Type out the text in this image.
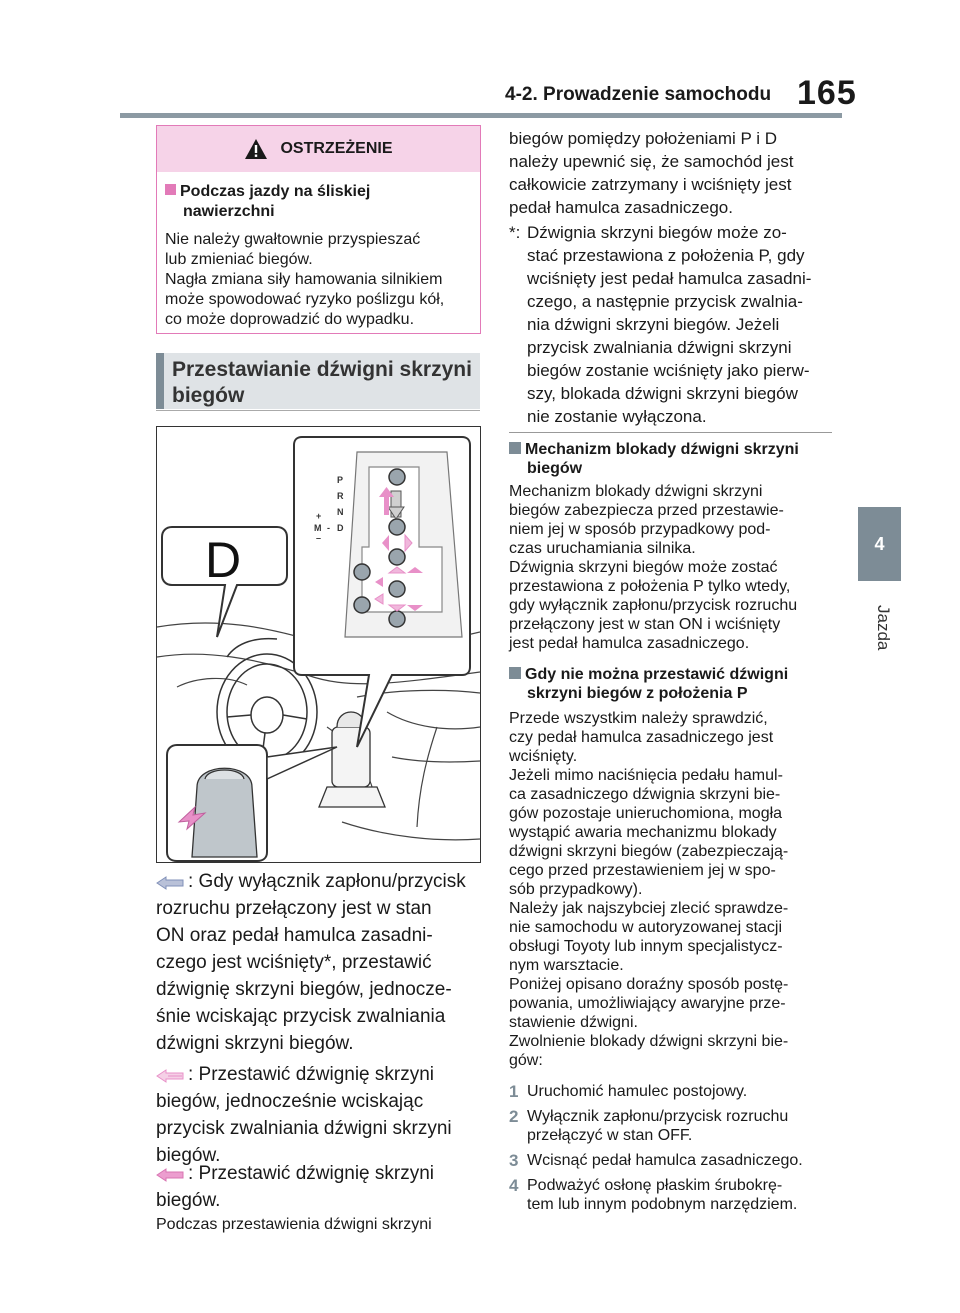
4-2. Prowadzenie samochodu 165
4
Jazda
OSTRZEŻENIE
Podczas jazdy na śliskiej

nawierzchni
Nie należy gwałtownie przyspieszać
lub zmieniać biegów.
Nagła zmiana siły hamowania silnikiem
może spowodować ryzyko poślizgu kół,
co może doprowadzić do wypadku.
Przestawianie dźwigni skrzyni
biegów
D
P
R
N
D
+
M -
–
: Gdy wyłącznik zapłonu/przycisk
rozruchu przełączony jest w stan
ON oraz pedał hamulca zasadni-
czego jest wciśnięty*, przestawić
dźwignię skrzyni biegów, jednocze-
śnie wciskając przycisk zwalniania
dźwigni skrzyni biegów.
: Przestawić dźwignię skrzyni
biegów, jednocześnie wciskając
przycisk zwalniania dźwigni skrzyni
biegów.
: Przestawić dźwignię skrzyni
biegów.
Podczas przestawienia dźwigni skrzyni
biegów pomiędzy położeniami P i D
należy upewnić się, że samochód jest
całkowicie zatrzymany i wciśnięty jest
pedał hamulca zasadniczego.
*: Dźwignia skrzyni biegów może zo-
stać przestawiona z położenia P, gdy
wciśnięty jest pedał hamulca zasadni-
czego, a następnie przycisk zwalnia-
nia dźwigni skrzyni biegów. Jeżeli
przycisk zwalniania dźwigni skrzyni
biegów zostanie wciśnięty jako pierw-
szy, blokada dźwigni skrzyni biegów
nie zostanie wyłączona.
Mechanizm blokady dźwigni skrzyni
biegów
Mechanizm blokady dźwigni skrzyni
biegów zabezpiecza przed przestawie-
niem jej w sposób przypadkowy pod-
czas uruchamiania silnika.
Dźwignia skrzyni biegów może zostać
przestawiona z położenia P tylko wtedy,
gdy wyłącznik zapłonu/przycisk rozruchu
przełączony jest w stan ON i wciśnięty
jest pedał hamulca zasadniczego.
Gdy nie można przestawić dźwigni
skrzyni biegów z położenia P
Przede wszystkim należy sprawdzić,
czy pedał hamulca zasadniczego jest
wciśnięty.
Jeżeli mimo naciśnięcia pedału hamul-
ca zasadniczego dźwignia skrzyni bie-
gów pozostaje unieruchomiona, mogła
wystąpić awaria mechanizmu blokady
dźwigni skrzyni biegów (zabezpieczają-
cego przed przestawieniem jej w spo-
sób przypadkowy).
Należy jak najszybciej zlecić sprawdze-
nie samochodu w autoryzowanej stacji
obsługi Toyoty lub innym specjalistycz-
nym warsztacie.
Poniżej opisano doraźny sposób postę-
powania, umożliwiający awaryjne prze-
stawienie dźwigni.
Zwolnienie blokady dźwigni skrzyni bie-
gów:
1 Uruchomić hamulec postojowy.
2 Wyłącznik zapłonu/przycisk rozruchu
przełączyć w stan OFF.
3 Wcisnąć pedał hamulca zasadniczego.
4 Podważyć osłonę płaskim śrubokrę-
tem lub innym podobnym narzędziem.
